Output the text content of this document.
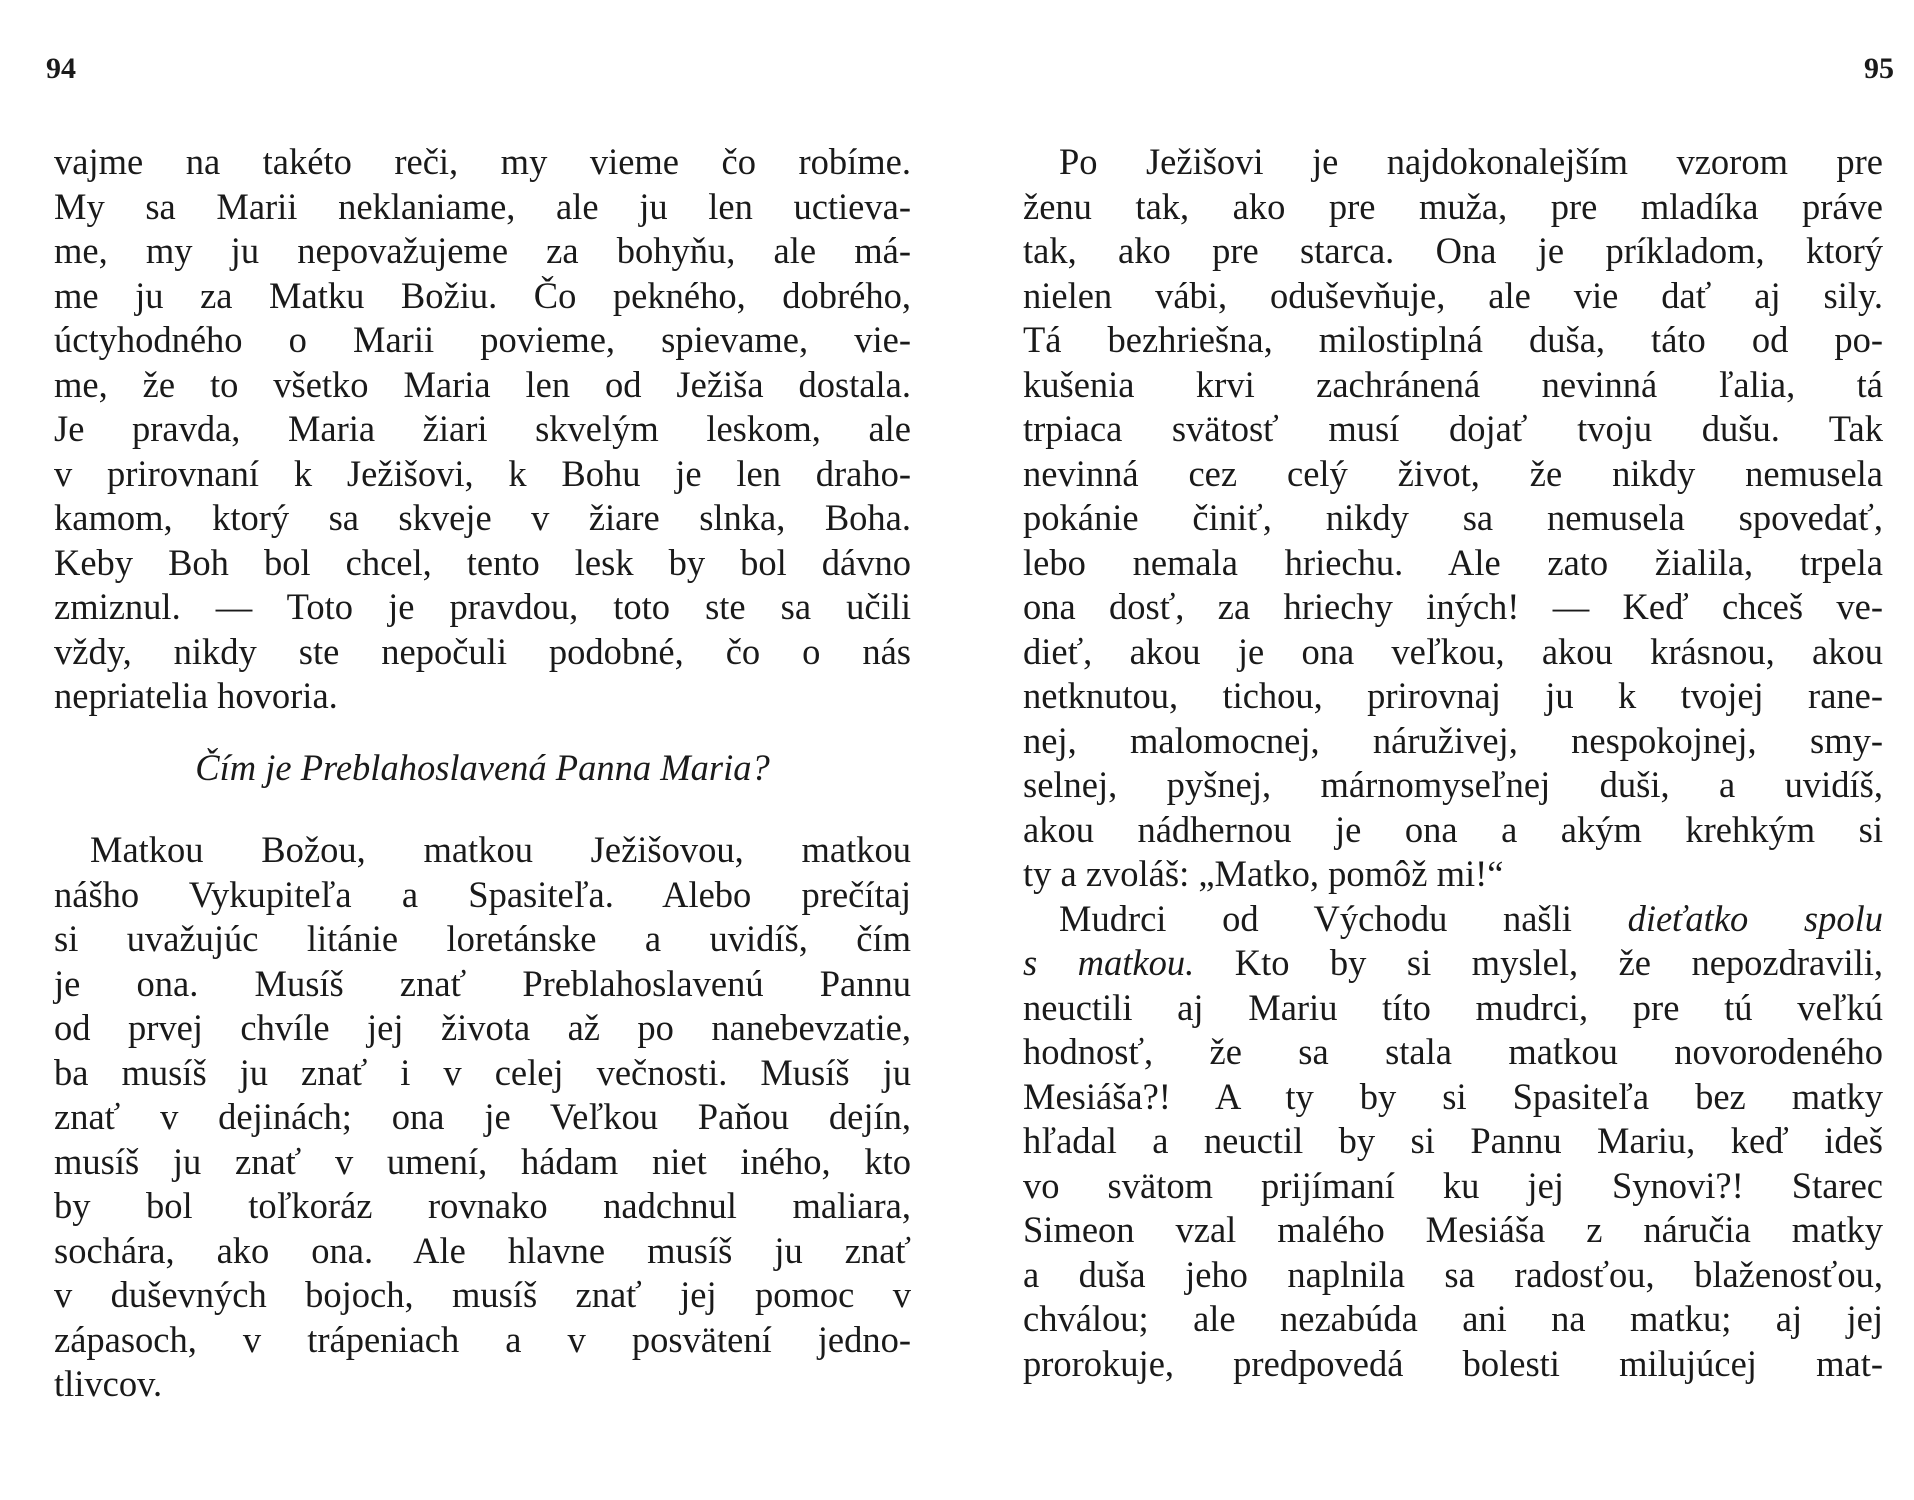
94
vajme na takéto reči, my vieme čo robíme.
My sa Marii neklaniame, ale ju len uctieva-
me, my ju nepovažujeme za bohyňu, ale má-
me ju za Matku Božiu. Čo pekného, dobrého,
úctyhodného o Marii povieme, spievame, vie-
me, že to všetko Maria len od Ježiša dostala.
Je pravda, Maria žiari skvelým leskom, ale
v prirovnaní k Ježišovi, k Bohu je len draho-
kamom, ktorý sa skveje v žiare slnka, Boha.
Keby Boh bol chcel, tento lesk by bol dávno
zmiznul. — Toto je pravdou, toto ste sa učili
vždy, nikdy ste nepočuli podobné, čo o nás
nepriatelia hovoria.
Čím je Preblahoslavená Panna Maria?
Matkou Božou, matkou Ježišovou, matkou
nášho Vykupiteľa a Spasiteľa. Alebo prečítaj
si uvažujúc litánie loretánske a uvidíš, čím
je ona. Musíš znať Preblahoslavenú Pannu
od prvej chvíle jej života až po nanebevzatie,
ba musíš ju znať i v celej večnosti. Musíš ju
znať v dejinách; ona je Veľkou Paňou dejín,
musíš ju znať v umení, hádam niet iného, kto
by bol toľkoráz rovnako nadchnul maliara,
sochára, ako ona. Ale hlavne musíš ju znať
v duševných bojoch, musíš znať jej pomoc v
zápasoch, v trápeniach a v posvätení jedno-
tlivcov.
95
Po Ježišovi je najdokonalejším vzorom pre
ženu tak, ako pre muža, pre mladíka práve
tak, ako pre starca. Ona je príkladom, ktorý
nielen vábi, oduševňuje, ale vie dať aj sily.
Tá bezhriešna, milostiplná duša, táto od po-
kušenia krvi zachránená nevinná ľalia, tá
trpiaca svätosť musí dojať tvoju dušu. Tak
nevinná cez celý život, že nikdy nemusela
pokánie činiť, nikdy sa nemusela spovedať,
lebo nemala hriechu. Ale zato žialila, trpela
ona dosť, za hriechy iných! — Keď chceš ve-
dieť, akou je ona veľkou, akou krásnou, akou
netknutou, tichou, prirovnaj ju k tvojej rane-
nej, malomocnej, náruživej, nespokojnej, smy-
selnej, pyšnej, márnomyseľnej duši, a uvidíš,
akou nádhernou je ona a akým krehkým si
ty a zvoláš: „Matko, pomôž mi!“
Mudrci od Východu našli dieťatko spolu
s matkou. Kto by si myslel, že nepozdravili,
neuctili aj Mariu títo mudrci, pre tú veľkú
hodnosť, že sa stala matkou novorodeného
Mesiáša?! A ty by si Spasiteľa bez matky
hľadal a neuctil by si Pannu Mariu, keď ideš
vo svätom prijímaní ku jej Synovi?! Starec
Simeon vzal malého Mesiáša z náručia matky
a duša jeho naplnila sa radosťou, blaženosťou,
chválou; ale nezabúda ani na matku; aj jej
prorokuje, predpovedá bolesti milujúcej mat-
